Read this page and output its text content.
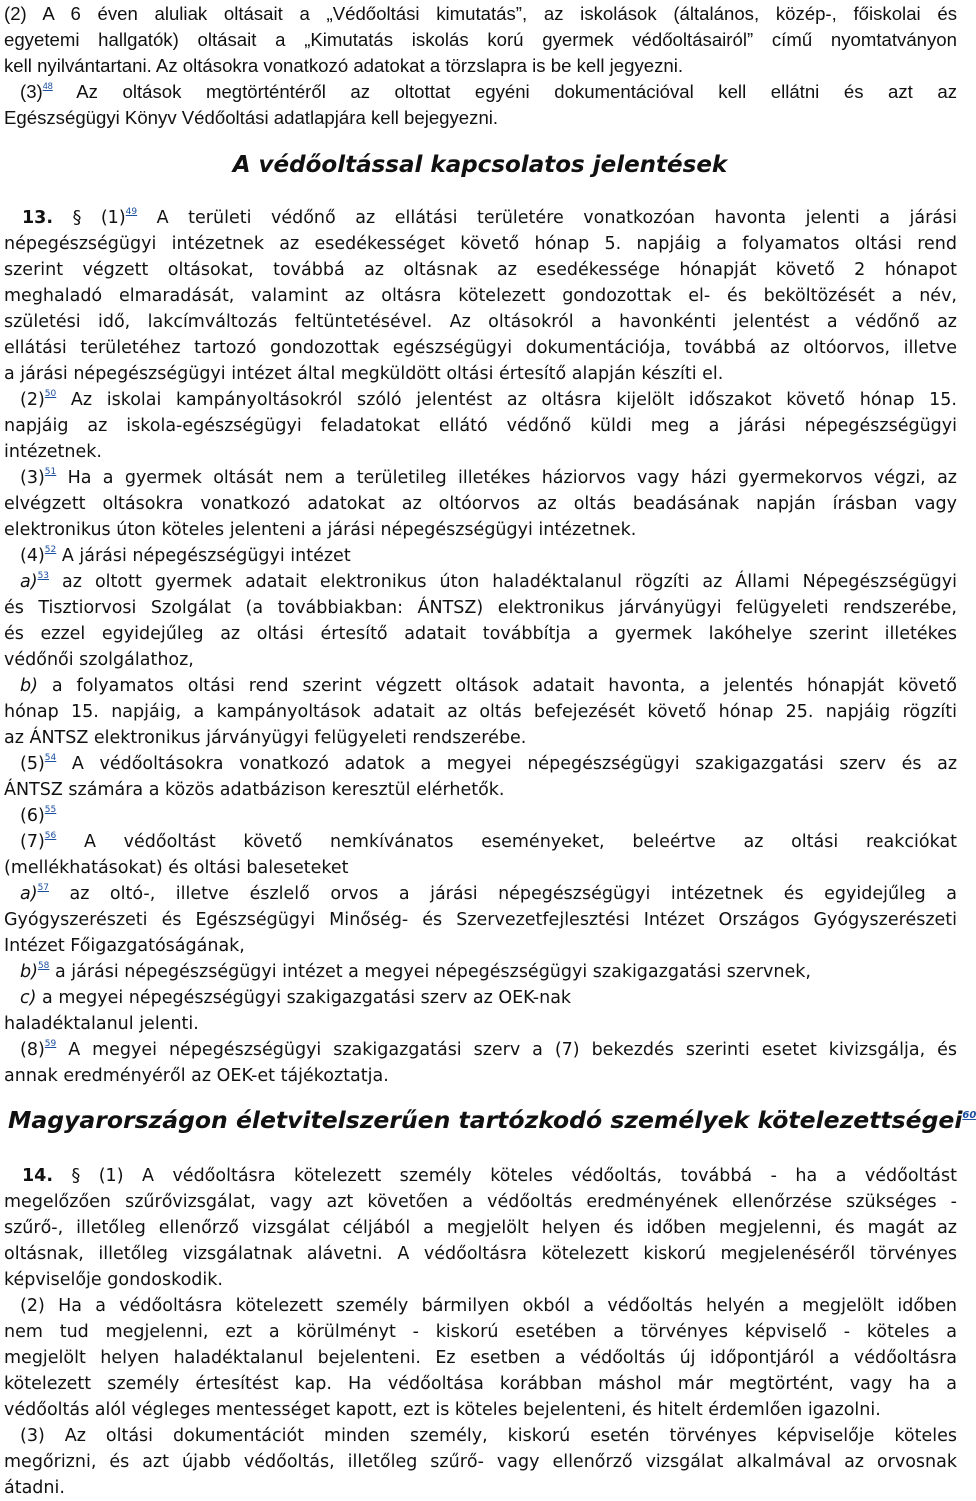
(2) A 6 éven aluliak oltásait a „Védőoltási kimutatás”, az iskolások (általános, közép-, főiskolai és
egyetemi hallgatók) oltásait a „Kimutatás iskolás korú gyermek védőoltásairól” című nyomtatványon
kell nyilvántartani. Az oltásokra vonatkozó adatokat a törzslapra is be kell jegyezni.
(3)$^{48}$ Az oltások megtörténtéről az oltottat egyéni dokumentációval kell ellátni és azt az
Egészségügyi Könyv Védőoltási adatlapjára kell bejegyezni.
A védőoltással kapcsolatos jelentések
13. § (1)$^{49}$ A területi védőnő az ellátási területére vonatkozóan havonta jelenti a járási
népegészségügyi intézetnek az esedékességet követő hónap 5. napjáig a folyamatos oltási rend
szerint végzett oltásokat, továbbá az oltásnak az esedékessége hónapját követő 2 hónapot
meghaladó elmaradását, valamint az oltásra kötelezett gondozottak el- és beköltözését a név,
születési idő, lakcímváltozás feltüntetésével. Az oltásokról a havonkénti jelentést a védőnő az
ellátási területéhez tartozó gondozottak egészségügyi dokumentációja, továbbá az oltóorvos, illetve
a járási népegészségügyi intézet által megküldött oltási értesítő alapján készíti el.
(2)$^{50}$ Az iskolai kampányoltásokról szóló jelentést az oltásra kijelölt időszakot követő hónap 15.
napjáig az iskola-egészségügyi feladatokat ellátó védőnő küldi meg a járási népegészségügyi
intézetnek.
(3)$^{51}$ Ha a gyermek oltását nem a területileg illetékes háziorvos vagy házi gyermekorvos végzi, az
elvégzett oltásokra vonatkozó adatokat az oltóorvos az oltás beadásának napján írásban vagy
elektronikus úton köteles jelenteni a járási népegészségügyi intézetnek.
(4)$^{52}$ A járási népegészségügyi intézet
a)$^{53}$ az oltott gyermek adatait elektronikus úton haladéktalanul rögzíti az Állami Népegészségügyi
és Tisztiorvosi Szolgálat (a továbbiakban: ÁNTSZ) elektronikus járványügyi felügyeleti rendszerébe,
és ezzel egyidejűleg az oltási értesítő adatait továbbítja a gyermek lakóhelye szerint illetékes
védőnői szolgálathoz,
b) a folyamatos oltási rend szerint végzett oltások adatait havonta, a jelentés hónapját követő
hónap 15. napjáig, a kampányoltások adatait az oltás befejezését követő hónap 25. napjáig rögzíti
az ÁNTSZ elektronikus járványügyi felügyeleti rendszerébe.
(5)$^{54}$ A védőoltásokra vonatkozó adatok a megyei népegészségügyi szakigazgatási szerv és az
ÁNTSZ számára a közös adatbázison keresztül elérhetők.
(6)$^{55}$
(7)$^{56}$ A védőoltást követő nemkívánatos eseményeket, beleértve az oltási reakciókat
(mellékhatásokat) és oltási baleseteket
a)$^{57}$ az oltó-, illetve észlelő orvos a járási népegészségügyi intézetnek és egyidejűleg a
Gyógyszerészeti és Egészségügyi Minőség- és Szervezetfejlesztési Intézet Országos Gyógyszerészeti
Intézet Főigazgatóságának,
b)$^{58}$ a járási népegészségügyi intézet a megyei népegészségügyi szakigazgatási szervnek,
c) a megyei népegészségügyi szakigazgatási szerv az OEK-nak
haladéktalanul jelenti.
(8)$^{59}$ A megyei népegészségügyi szakigazgatási szerv a (7) bekezdés szerinti esetet kivizsgálja, és
annak eredményéről az OEK-et tájékoztatja.
Magyarországon életvitelszerűen tartózkodó személyek kötelezettségei$^{60}$
14. § (1) A védőoltásra kötelezett személy köteles védőoltás, továbbá - ha a védőoltást
megelőzően szűrővizsgálat, vagy azt követően a védőoltás eredményének ellenőrzése szükséges -
szűrő-, illetőleg ellenőrző vizsgálat céljából a megjelölt helyen és időben megjelenni, és magát az
oltásnak, illetőleg vizsgálatnak alávetni. A védőoltásra kötelezett kiskorú megjelenéséről törvényes
képviselője gondoskodik.
(2) Ha a védőoltásra kötelezett személy bármilyen okból a védőoltás helyén a megjelölt időben
nem tud megjelenni, ezt a körülményt - kiskorú esetében a törvényes képviselő - köteles a
megjelölt helyen haladéktalanul bejelenteni. Ez esetben a védőoltás új időpontjáról a védőoltásra
kötelezett személy értesítést kap. Ha védőoltása korábban máshol már megtörtént, vagy ha a
védőoltás alól végleges mentességet kapott, ezt is köteles bejelenteni, és hitelt érdemlően igazolni.
(3) Az oltási dokumentációt minden személy, kiskorú esetén törvényes képviselője köteles
megőrizni, és azt újabb védőoltás, illetőleg szűrő- vagy ellenőrző vizsgálat alkalmával az orvosnak
átadni.
